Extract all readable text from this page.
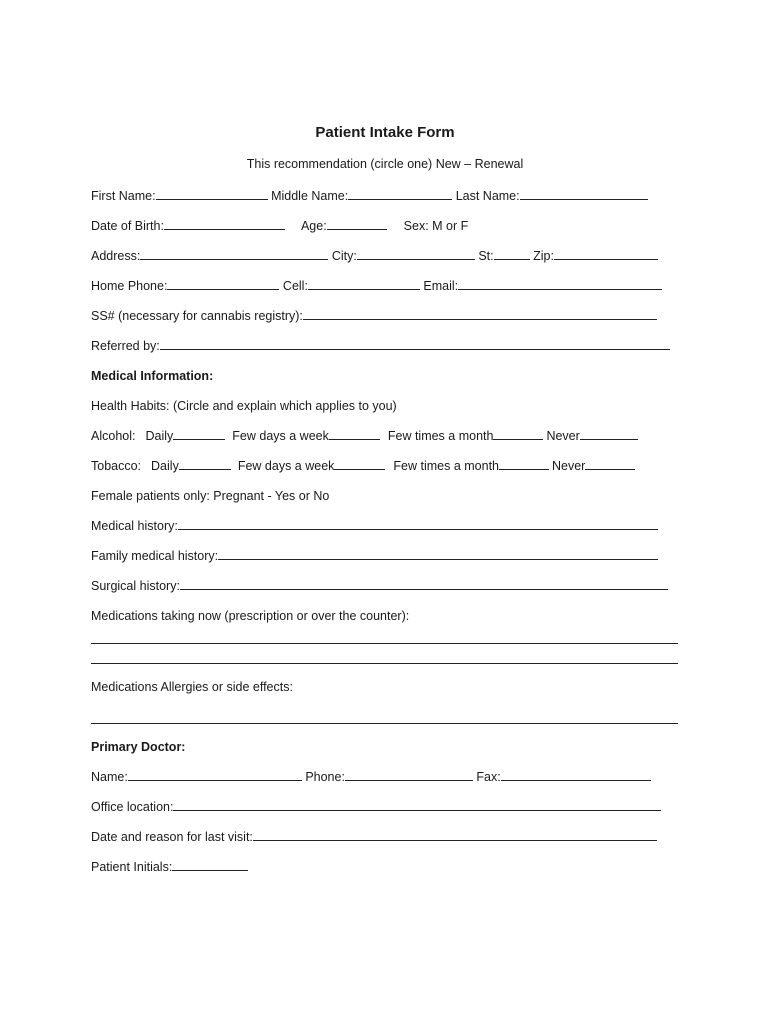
Patient Intake Form
This recommendation (circle one) New – Renewal
First Name:	Middle Name:	Last Name:
Date of Birth:	Age:	Sex: M or F
Address:	City:	St:	Zip:
Home Phone:	Cell:	Email:
SS# (necessary for cannabis registry):
Referred by:
Medical Information:
Health Habits: (Circle and explain which applies to you)
Alcohol: Daily	Few days a week	Few times a month	Never
Tobacco: Daily	Few days a week	Few times a month	Never
Female patients only: Pregnant - Yes or No
Medical history:
Family medical history:
Surgical history:
Medications taking now (prescription or over the counter):
Medications Allergies or side effects:
Primary Doctor:
Name:	Phone:	Fax:
Office location:
Date and reason for last visit:
Patient Initials:
